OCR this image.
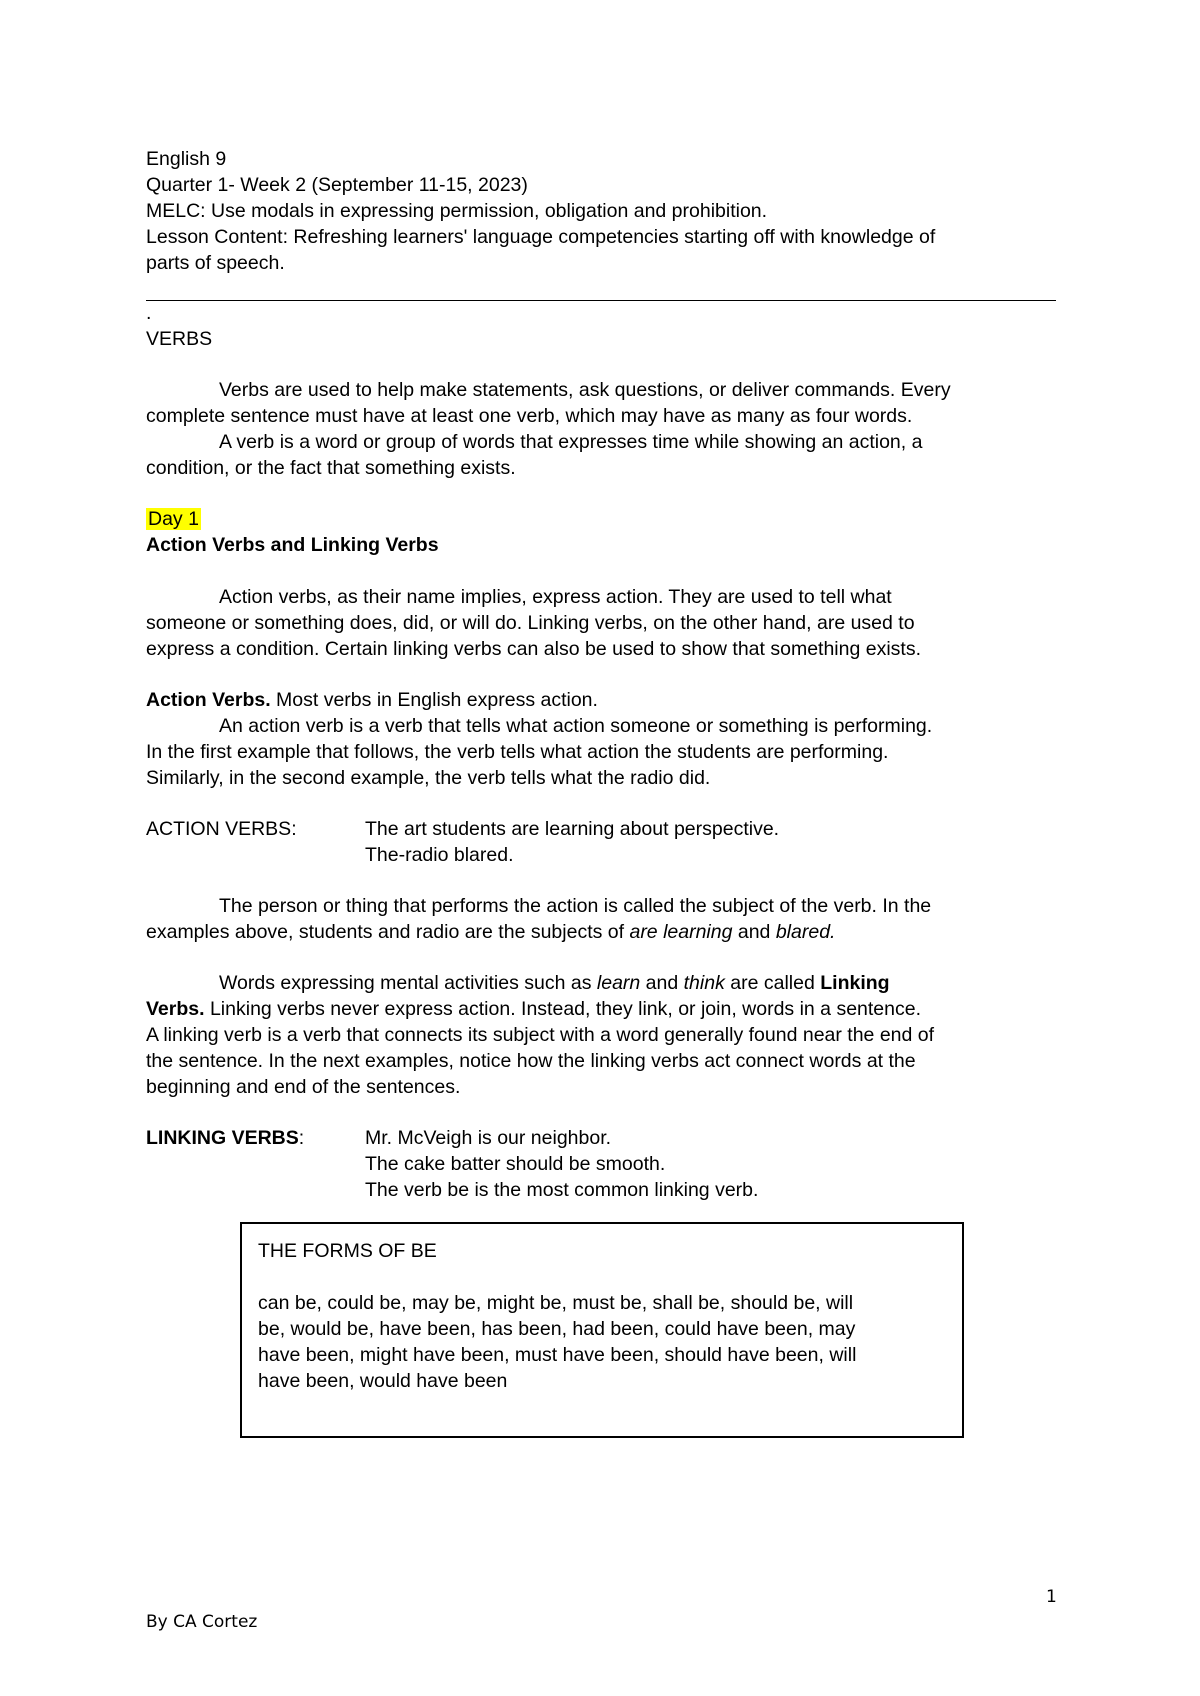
English 9
Quarter 1- Week 2 (September 11-15, 2023)
MELC: Use modals in expressing permission, obligation and prohibition.
Lesson Content: Refreshing learners' language competencies starting off with knowledge of
parts of speech.
.
VERBS
Verbs are used to help make statements, ask questions, or deliver commands. Every
complete sentence must have at least one verb, which may have as many as four words.
A verb is a word or group of words that expresses time while showing an action, a
condition, or the fact that something exists.
Day 1
Action Verbs and Linking Verbs
Action verbs, as their name implies, express action. They are used to tell what
someone or something does, did, or will do. Linking verbs, on the other hand, are used to
express a condition. Certain linking verbs can also be used to show that something exists.
Action Verbs. Most verbs in English express action.
An action verb is a verb that tells what action someone or something is performing.
In the first example that follows, the verb tells what action the students are performing.
Similarly, in the second example, the verb tells what the radio did.
ACTION VERBS:	The art students are learning about perspective.
The-radio blared.
The person or thing that performs the action is called the subject of the verb. In the
examples above, students and radio are the subjects of are learning and blared.
Words expressing mental activities such as learn and think are called Linking
Verbs. Linking verbs never express action. Instead, they link, or join, words in a sentence.
A linking verb is a verb that connects its subject with a word generally found near the end of
the sentence. In the next examples, notice how the linking verbs act connect words at the
beginning and end of the sentences.
LINKING VERBS:	Mr. McVeigh is our neighbor.
The cake batter should be smooth.
The verb be is the most common linking verb.
THE FORMS OF BE
can be, could be, may be, might be, must be, shall be, should be, will
be, would be, have been, has been, had been, could have been, may
have been, might have been, must have been, should have been, will
have been, would have been
1
By CA Cortez
